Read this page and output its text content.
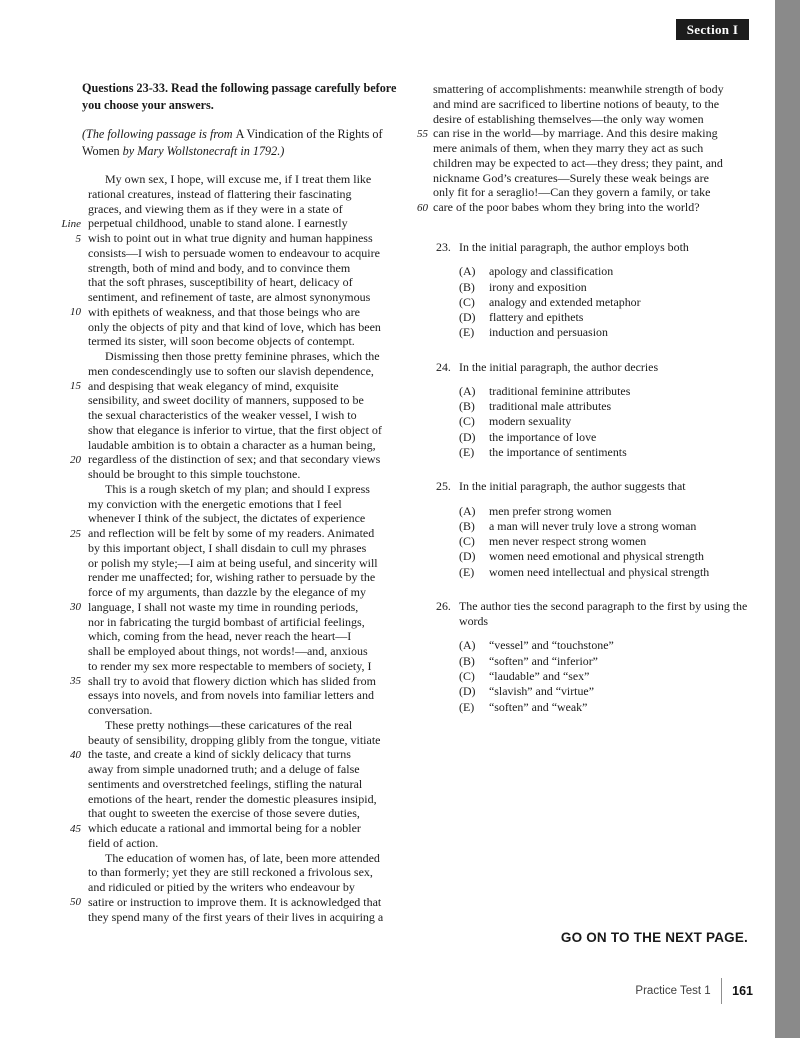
Section I
Questions 23-33. Read the following passage carefully before you choose your answers.
(The following passage is from A Vindication of the Rights of Women by Mary Wollstonecraft in 1792.)
My own sex, I hope, will excuse me, if I treat them like
rational creatures, instead of flattering their fascinating
graces, and viewing them as if they were in a state of
Line perpetual childhood, unable to stand alone. I earnestly
5 wish to point out in what true dignity and human happiness
consists—I wish to persuade women to endeavour to acquire
strength, both of mind and body, and to convince them
that the soft phrases, susceptibility of heart, delicacy of
sentiment, and refinement of taste, are almost synonymous
10 with epithets of weakness, and that those beings who are
only the objects of pity and that kind of love, which has been
termed its sister, will soon become objects of contempt.
Dismissing then those pretty feminine phrases, which the
men condescendingly use to soften our slavish dependence,
15 and despising that weak elegancy of mind, exquisite
sensibility, and sweet docility of manners, supposed to be
the sexual characteristics of the weaker vessel, I wish to
show that elegance is inferior to virtue, that the first object of
laudable ambition is to obtain a character as a human being,
20 regardless of the distinction of sex; and that secondary views
should be brought to this simple touchstone.
This is a rough sketch of my plan; and should I express
my conviction with the energetic emotions that I feel
whenever I think of the subject, the dictates of experience
25 and reflection will be felt by some of my readers. Animated
by this important object, I shall disdain to cull my phrases
or polish my style;—I aim at being useful, and sincerity will
render me unaffected; for, wishing rather to persuade by the
force of my arguments, than dazzle by the elegance of my
30 language, I shall not waste my time in rounding periods,
nor in fabricating the turgid bombast of artificial feelings,
which, coming from the head, never reach the heart—I
shall be employed about things, not words!—and, anxious
to render my sex more respectable to members of society, I
35 shall try to avoid that flowery diction which has slided from
essays into novels, and from novels into familiar letters and
conversation.
These pretty nothings—these caricatures of the real
beauty of sensibility, dropping glibly from the tongue, vitiate
40 the taste, and create a kind of sickly delicacy that turns
away from simple unadorned truth; and a deluge of false
sentiments and overstretched feelings, stifling the natural
emotions of the heart, render the domestic pleasures insipid,
that ought to sweeten the exercise of those severe duties,
45 which educate a rational and immortal being for a nobler
field of action.
The education of women has, of late, been more attended
to than formerly; yet they are still reckoned a frivolous sex,
and ridiculed or pitied by the writers who endeavour by
50 satire or instruction to improve them. It is acknowledged that
they spend many of the first years of their lives in acquiring a
smattering of accomplishments: meanwhile strength of body
and mind are sacrificed to libertine notions of beauty, to the
desire of establishing themselves—the only way women
55 can rise in the world—by marriage. And this desire making
mere animals of them, when they marry they act as such
children may be expected to act—they dress; they paint, and
nickname God’s creatures—Surely these weak beings are
only fit for a seraglio!—Can they govern a family, or take
60 care of the poor babes whom they bring into the world?
23. In the initial paragraph, the author employs both
(A)	apology and classification
(B)	irony and exposition
(C)	analogy and extended metaphor
(D)	flattery and epithets
(E)	induction and persuasion
24. In the initial paragraph, the author decries
(A)	traditional feminine attributes
(B)	traditional male attributes
(C)	modern sexuality
(D)	the importance of love
(E)	the importance of sentiments
25. In the initial paragraph, the author suggests that
(A)	men prefer strong women
(B)	a man will never truly love a strong woman
(C)	men never respect strong women
(D)	women need emotional and physical strength
(E)	women need intellectual and physical strength
26. The author ties the second paragraph to the first by using the words
(A)	“vessel” and “touchstone”
(B)	“soften” and “inferior”
(C)	“laudable” and “sex”
(D)	“slavish” and “virtue”
(E)	“soften” and “weak”
GO ON TO THE NEXT PAGE.
Practice Test 1 161
